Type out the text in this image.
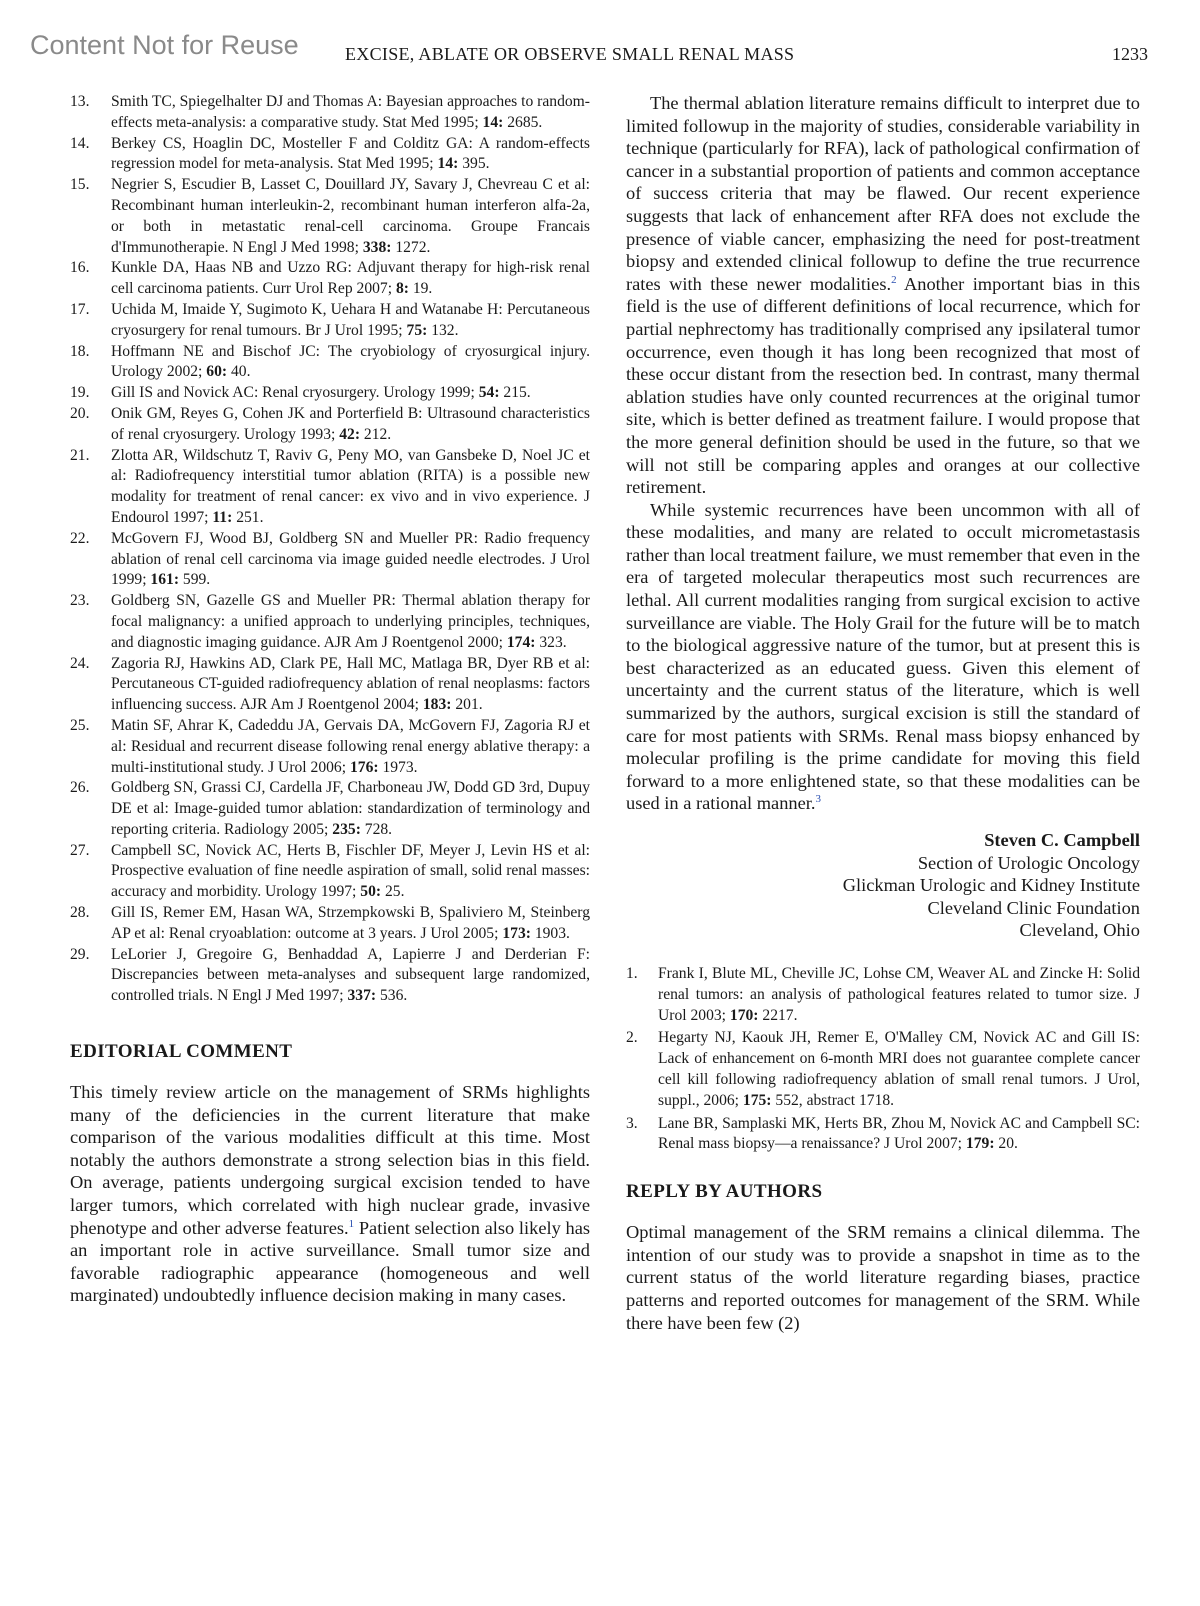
Content Not for Reuse	EXCISE, ABLATE OR OBSERVE SMALL RENAL MASS	1233
13. Smith TC, Spiegelhalter DJ and Thomas A: Bayesian approaches to random-effects meta-analysis: a comparative study. Stat Med 1995; 14: 2685.
14. Berkey CS, Hoaglin DC, Mosteller F and Colditz GA: A random-effects regression model for meta-analysis. Stat Med 1995; 14: 395.
15. Negrier S, Escudier B, Lasset C, Douillard JY, Savary J, Chevreau C et al: Recombinant human interleukin-2, recombinant human interferon alfa-2a, or both in metastatic renal-cell carcinoma. Groupe Francais d'Immunotherapie. N Engl J Med 1998; 338: 1272.
16. Kunkle DA, Haas NB and Uzzo RG: Adjuvant therapy for high-risk renal cell carcinoma patients. Curr Urol Rep 2007; 8: 19.
17. Uchida M, Imaide Y, Sugimoto K, Uehara H and Watanabe H: Percutaneous cryosurgery for renal tumours. Br J Urol 1995; 75: 132.
18. Hoffmann NE and Bischof JC: The cryobiology of cryosurgical injury. Urology 2002; 60: 40.
19. Gill IS and Novick AC: Renal cryosurgery. Urology 1999; 54: 215.
20. Onik GM, Reyes G, Cohen JK and Porterfield B: Ultrasound characteristics of renal cryosurgery. Urology 1993; 42: 212.
21. Zlotta AR, Wildschutz T, Raviv G, Peny MO, van Gansbeke D, Noel JC et al: Radiofrequency interstitial tumor ablation (RITA) is a possible new modality for treatment of renal cancer: ex vivo and in vivo experience. J Endourol 1997; 11: 251.
22. McGovern FJ, Wood BJ, Goldberg SN and Mueller PR: Radio frequency ablation of renal cell carcinoma via image guided needle electrodes. J Urol 1999; 161: 599.
23. Goldberg SN, Gazelle GS and Mueller PR: Thermal ablation therapy for focal malignancy: a unified approach to underlying principles, techniques, and diagnostic imaging guidance. AJR Am J Roentgenol 2000; 174: 323.
24. Zagoria RJ, Hawkins AD, Clark PE, Hall MC, Matlaga BR, Dyer RB et al: Percutaneous CT-guided radiofrequency ablation of renal neoplasms: factors influencing success. AJR Am J Roentgenol 2004; 183: 201.
25. Matin SF, Ahrar K, Cadeddu JA, Gervais DA, McGovern FJ, Zagoria RJ et al: Residual and recurrent disease following renal energy ablative therapy: a multi-institutional study. J Urol 2006; 176: 1973.
26. Goldberg SN, Grassi CJ, Cardella JF, Charboneau JW, Dodd GD 3rd, Dupuy DE et al: Image-guided tumor ablation: standardization of terminology and reporting criteria. Radiology 2005; 235: 728.
27. Campbell SC, Novick AC, Herts B, Fischler DF, Meyer J, Levin HS et al: Prospective evaluation of fine needle aspiration of small, solid renal masses: accuracy and morbidity. Urology 1997; 50: 25.
28. Gill IS, Remer EM, Hasan WA, Strzempkowski B, Spaliviero M, Steinberg AP et al: Renal cryoablation: outcome at 3 years. J Urol 2005; 173: 1903.
29. LeLorier J, Gregoire G, Benhaddad A, Lapierre J and Derderian F: Discrepancies between meta-analyses and subsequent large randomized, controlled trials. N Engl J Med 1997; 337: 536.
EDITORIAL COMMENT

This timely review article on the management of SRMs highlights many of the deficiencies in the current literature that make comparison of the various modalities difficult at this time. Most notably the authors demonstrate a strong selection bias in this field. On average, patients undergoing surgical excision tended to have larger tumors, which correlated with high nuclear grade, invasive phenotype and other adverse features.$^1$ Patient selection also likely has an important role in active surveillance. Small tumor size and favorable radiographic appearance (homogeneous and well marginated) undoubtedly influence decision making in many cases.

The thermal ablation literature remains difficult to interpret due to limited followup in the majority of studies, considerable variability in technique (particularly for RFA), lack of pathological confirmation of cancer in a substantial proportion of patients and common acceptance of success criteria that may be flawed. Our recent experience suggests that lack of enhancement after RFA does not exclude the presence of viable cancer, emphasizing the need for post-treatment biopsy and extended clinical followup to define the true recurrence rates with these newer modalities.$^2$ Another important bias in this field is the use of different definitions of local recurrence, which for partial nephrectomy has traditionally comprised any ipsilateral tumor occurrence, even though it has long been recognized that most of these occur distant from the resection bed. In contrast, many thermal ablation studies have only counted recurrences at the original tumor site, which is better defined as treatment failure. I would propose that the more general definition should be used in the future, so that we will not still be comparing apples and oranges at our collective retirement.

While systemic recurrences have been uncommon with all of these modalities, and many are related to occult micrometastasis rather than local treatment failure, we must remember that even in the era of targeted molecular therapeutics most such recurrences are lethal. All current modalities ranging from surgical excision to active surveillance are viable. The Holy Grail for the future will be to match to the biological aggressive nature of the tumor, but at present this is best characterized as an educated guess. Given this element of uncertainty and the current status of the literature, which is well summarized by the authors, surgical excision is still the standard of care for most patients with SRMs. Renal mass biopsy enhanced by molecular profiling is the prime candidate for moving this field forward to a more enlightened state, so that these modalities can be used in a rational manner.$^3$

Steven C. Campbell
Section of Urologic Oncology
Glickman Urologic and Kidney Institute
Cleveland Clinic Foundation
Cleveland, Ohio
1. Frank I, Blute ML, Cheville JC, Lohse CM, Weaver AL and Zincke H: Solid renal tumors: an analysis of pathological features related to tumor size. J Urol 2003; 170: 2217.
2. Hegarty NJ, Kaouk JH, Remer E, O'Malley CM, Novick AC and Gill IS: Lack of enhancement on 6-month MRI does not guarantee complete cancer cell kill following radiofrequency ablation of small renal tumors. J Urol, suppl., 2006; 175: 552, abstract 1718.
3. Lane BR, Samplaski MK, Herts BR, Zhou M, Novick AC and Campbell SC: Renal mass biopsy—a renaissance? J Urol 2007; 179: 20.
REPLY BY AUTHORS

Optimal management of the SRM remains a clinical dilemma. The intention of our study was to provide a snapshot in time as to the current status of the world literature regarding biases, practice patterns and reported outcomes for management of the SRM. While there have been few (2)
